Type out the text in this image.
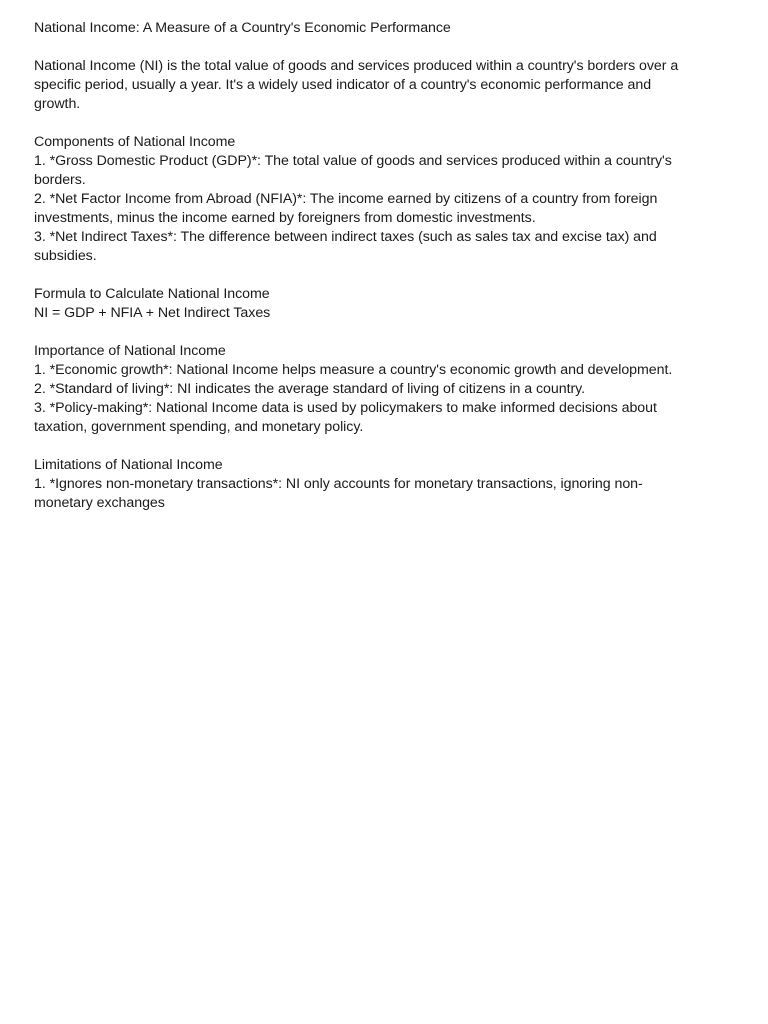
National Income: A Measure of a Country's Economic Performance
National Income (NI) is the total value of goods and services produced within a country's borders over a
specific period, usually a year. It's a widely used indicator of a country's economic performance and
growth.
Components of National Income
1. *Gross Domestic Product (GDP)*: The total value of goods and services produced within a country's
borders.
2. *Net Factor Income from Abroad (NFIA)*: The income earned by citizens of a country from foreign
investments, minus the income earned by foreigners from domestic investments.
3. *Net Indirect Taxes*: The difference between indirect taxes (such as sales tax and excise tax) and
subsidies.
Formula to Calculate National Income
NI = GDP + NFIA + Net Indirect Taxes
Importance of National Income
1. *Economic growth*: National Income helps measure a country's economic growth and development.
2. *Standard of living*: NI indicates the average standard of living of citizens in a country.
3. *Policy-making*: National Income data is used by policymakers to make informed decisions about
taxation, government spending, and monetary policy.
Limitations of National Income
1. *Ignores non-monetary transactions*: NI only accounts for monetary transactions, ignoring non-
monetary exchanges
